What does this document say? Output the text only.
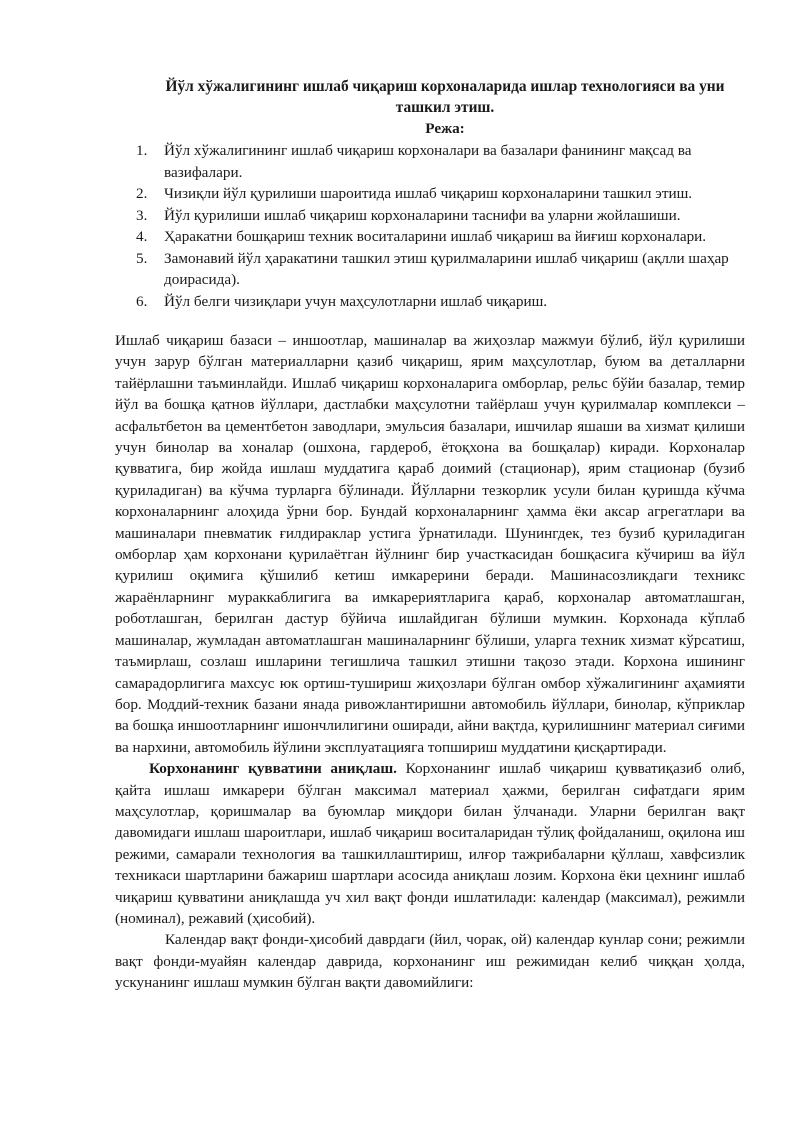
Йўл хўжалигининг ишлаб чиқариш корхоналарида ишлар технологияси ва уни ташкил этиш.
Режа:
1. Йўл хўжалигининг ишлаб чиқариш корхоналари ва базалари фанининг мақсад ва вазифалари.
2. Чизиқли йўл қурилиши шароитида ишлаб чиқариш корхоналарини ташкил этиш.
3. Йўл қурилиши ишлаб чиқариш корхоналарини таснифи ва уларни жойлашиши.
4. Ҳаракатни бошқариш техник воситаларини ишлаб чиқариш ва йиғиш корхоналари.
5. Замонавий йўл ҳаракатини ташкил этиш қурилмаларини ишлаб чиқариш (ақлли шаҳар доирасида).
6. Йўл белги чизиқлари учун маҳсулотларни ишлаб чиқариш.

Ишлаб чиқариш базаси – иншоотлар, машиналар ва жиҳозлар мажмуи бўлиб, йўл қурилиши учун зарур бўлган материалларни қазиб чиқариш, ярим маҳсулотлар, буюм ва деталларни тайёрлашни таъминлайди. Ишлаб чиқариш корхоналарига омборлар, рельс бўйи базалар, темир йўл ва бошқа қатнов йўллари, дастлабки маҳсулотни тайёрлаш учун қурилмалар комплекси – асфальтбетон ва цементбетон заводлари, эмульсия базалари, ишчилар яшаши ва хизмат қилиши учун бинолар ва хоналар (ошхона, гардероб, ётоқхона ва бошқалар) киради. Корхоналар қувватига, бир жойда ишлаш муддатига қараб доимий (стационар), ярим стационар (бузиб қуриладиган) ва кўчма турларга бўлинади. Йўлларни тезкорлик усули билан қуришда кўчма корхоналарнинг алоҳида ўрни бор. Бундай корхоналарнинг ҳамма ёки аксар агрегатлари ва машиналари пневматик ғилдираклар устига ўрнатилади. Шунингдек, тез бузиб қуриладиган омборлар ҳам корхонани қурилаётган йўлнинг бир участкасидан бошқасига кўчириш ва йўл қурилиш оқимига қўшилиб кетиш имкарерини беради. Машинасозликдаги техникс жараёнларнинг мураккаблигига ва имкарериятларига қараб, корхоналар автоматлашган, роботлашган, берилган дастур бўйича ишлайдиган бўлиши мумкин. Корхонада кўплаб машиналар, жумладан автоматлашган машиналарнинг бўлиши, уларга техник хизмат кўрсатиш, таъмирлаш, созлаш ишларини тегишлича ташкил этишни тақозо этади. Корхона ишининг самарадорлигига махсус юк ортиш-тушириш жиҳозлари бўлган омбор хўжалигининг аҳамияти бор. Моддий-техник базани янада ривожлантиришни автомобиль йўллари, бинолар, кўприклар ва бошқа иншоотларнинг ишончлилигини оширади, айни вақтда, қурилишнинг материал сиғими ва нархини, автомобиль йўлини эксплуатацияга топшириш муддатини қисқартиради.

Корхонанинг қувватини аниқлаш. Корхонанинг ишлаб чиқариш қувватиқазиб олиб, қайта ишлаш имкарери бўлган максимал материал ҳажми, берилган сифатдаги ярим маҳсулотлар, қоришмалар ва буюмлар миқдори билан ўлчанади. Уларни берилган вақт давомидаги ишлаш шароитлари, ишлаб чиқариш воситаларидан тўлиқ фойдаланиш, оқилона иш режими, самарали технология ва ташкиллаштириш, илғор тажрибаларни қўллаш, хавфсизлик техникаси шартларини бажариш шартлари асосида аниқлаш лозим. Корхона ёки цехнинг ишлаб чиқариш қувватини аниқлашда уч хил вақт фонди ишлатилади: календар (максимал), режимли (номинал), режавий (ҳисобий).

Календар вақт фонди-ҳисобий даврдаги (йил, чорак, ой) календар кунлар сони; режимли вақт фонди-муайян календар даврида, корхонанинг иш режимидан келиб чиққан ҳолда, ускунанинг ишлаш мумкин бўлган вақти давомийлиги:
